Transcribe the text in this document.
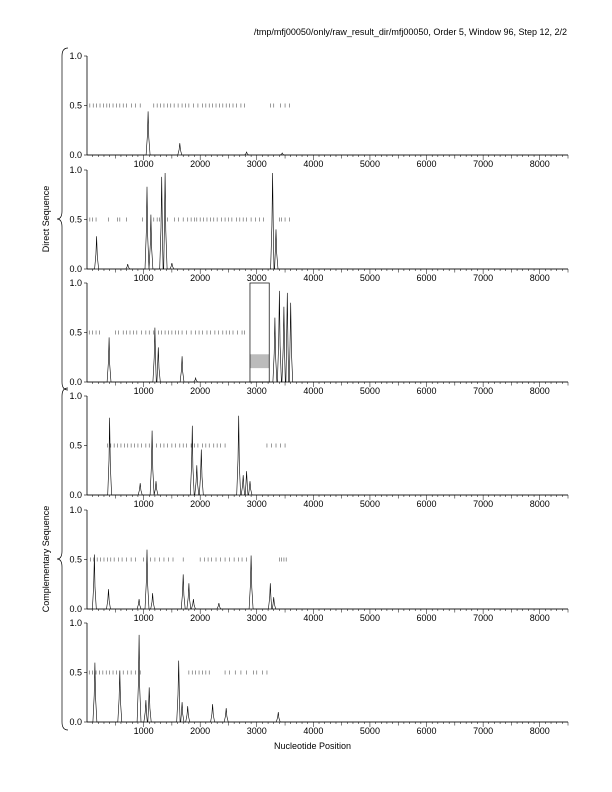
/tmp/mfj00050/only/raw_result_dir/mfj00050, Order 5, Window 96, Step 12, 2/2
0.0
0.5
1.0
1000	2000	3000	4000	5000	6000	7000	8000
0.0
0.5
1.0
1000	2000	3000	4000	5000	6000	7000	8000
0.0
0.5
1.0
1000	2000	3000	4000	5000	6000	7000	8000
0.0
0.5
1.0
1000	2000	3000	4000	5000	6000	7000	8000
0.0
0.5
1.0
1000	2000	3000	4000	5000	6000	7000	8000
0.0
0.5
1.0
1000	2000	3000	4000	5000	6000	7000	8000
Direct Sequence
Complementary Sequence
Nucleotide Position
